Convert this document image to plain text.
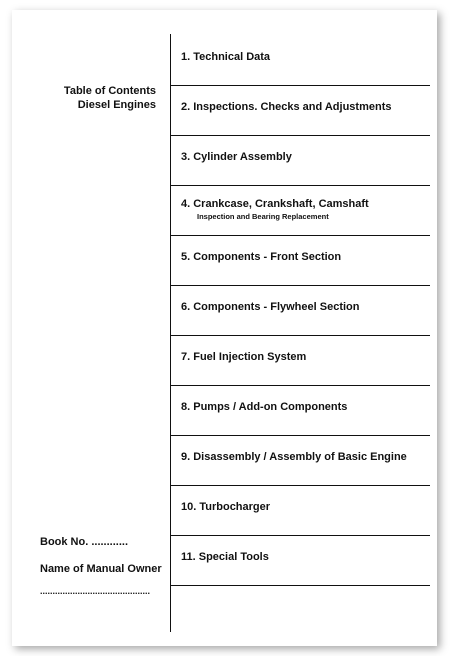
Table of Contents
Diesel Engines
Book No. ............
Name of Manual Owner
............................................
1. Technical Data
2. Inspections. Checks and Adjustments
3. Cylinder Assembly
4. Crankcase, Crankshaft, Camshaft
Inspection and Bearing Replacement
5. Components - Front Section
6. Components - Flywheel Section
7. Fuel Injection System
8. Pumps / Add-on Components
9. Disassembly / Assembly of Basic Engine
10. Turbocharger
11. Special Tools
